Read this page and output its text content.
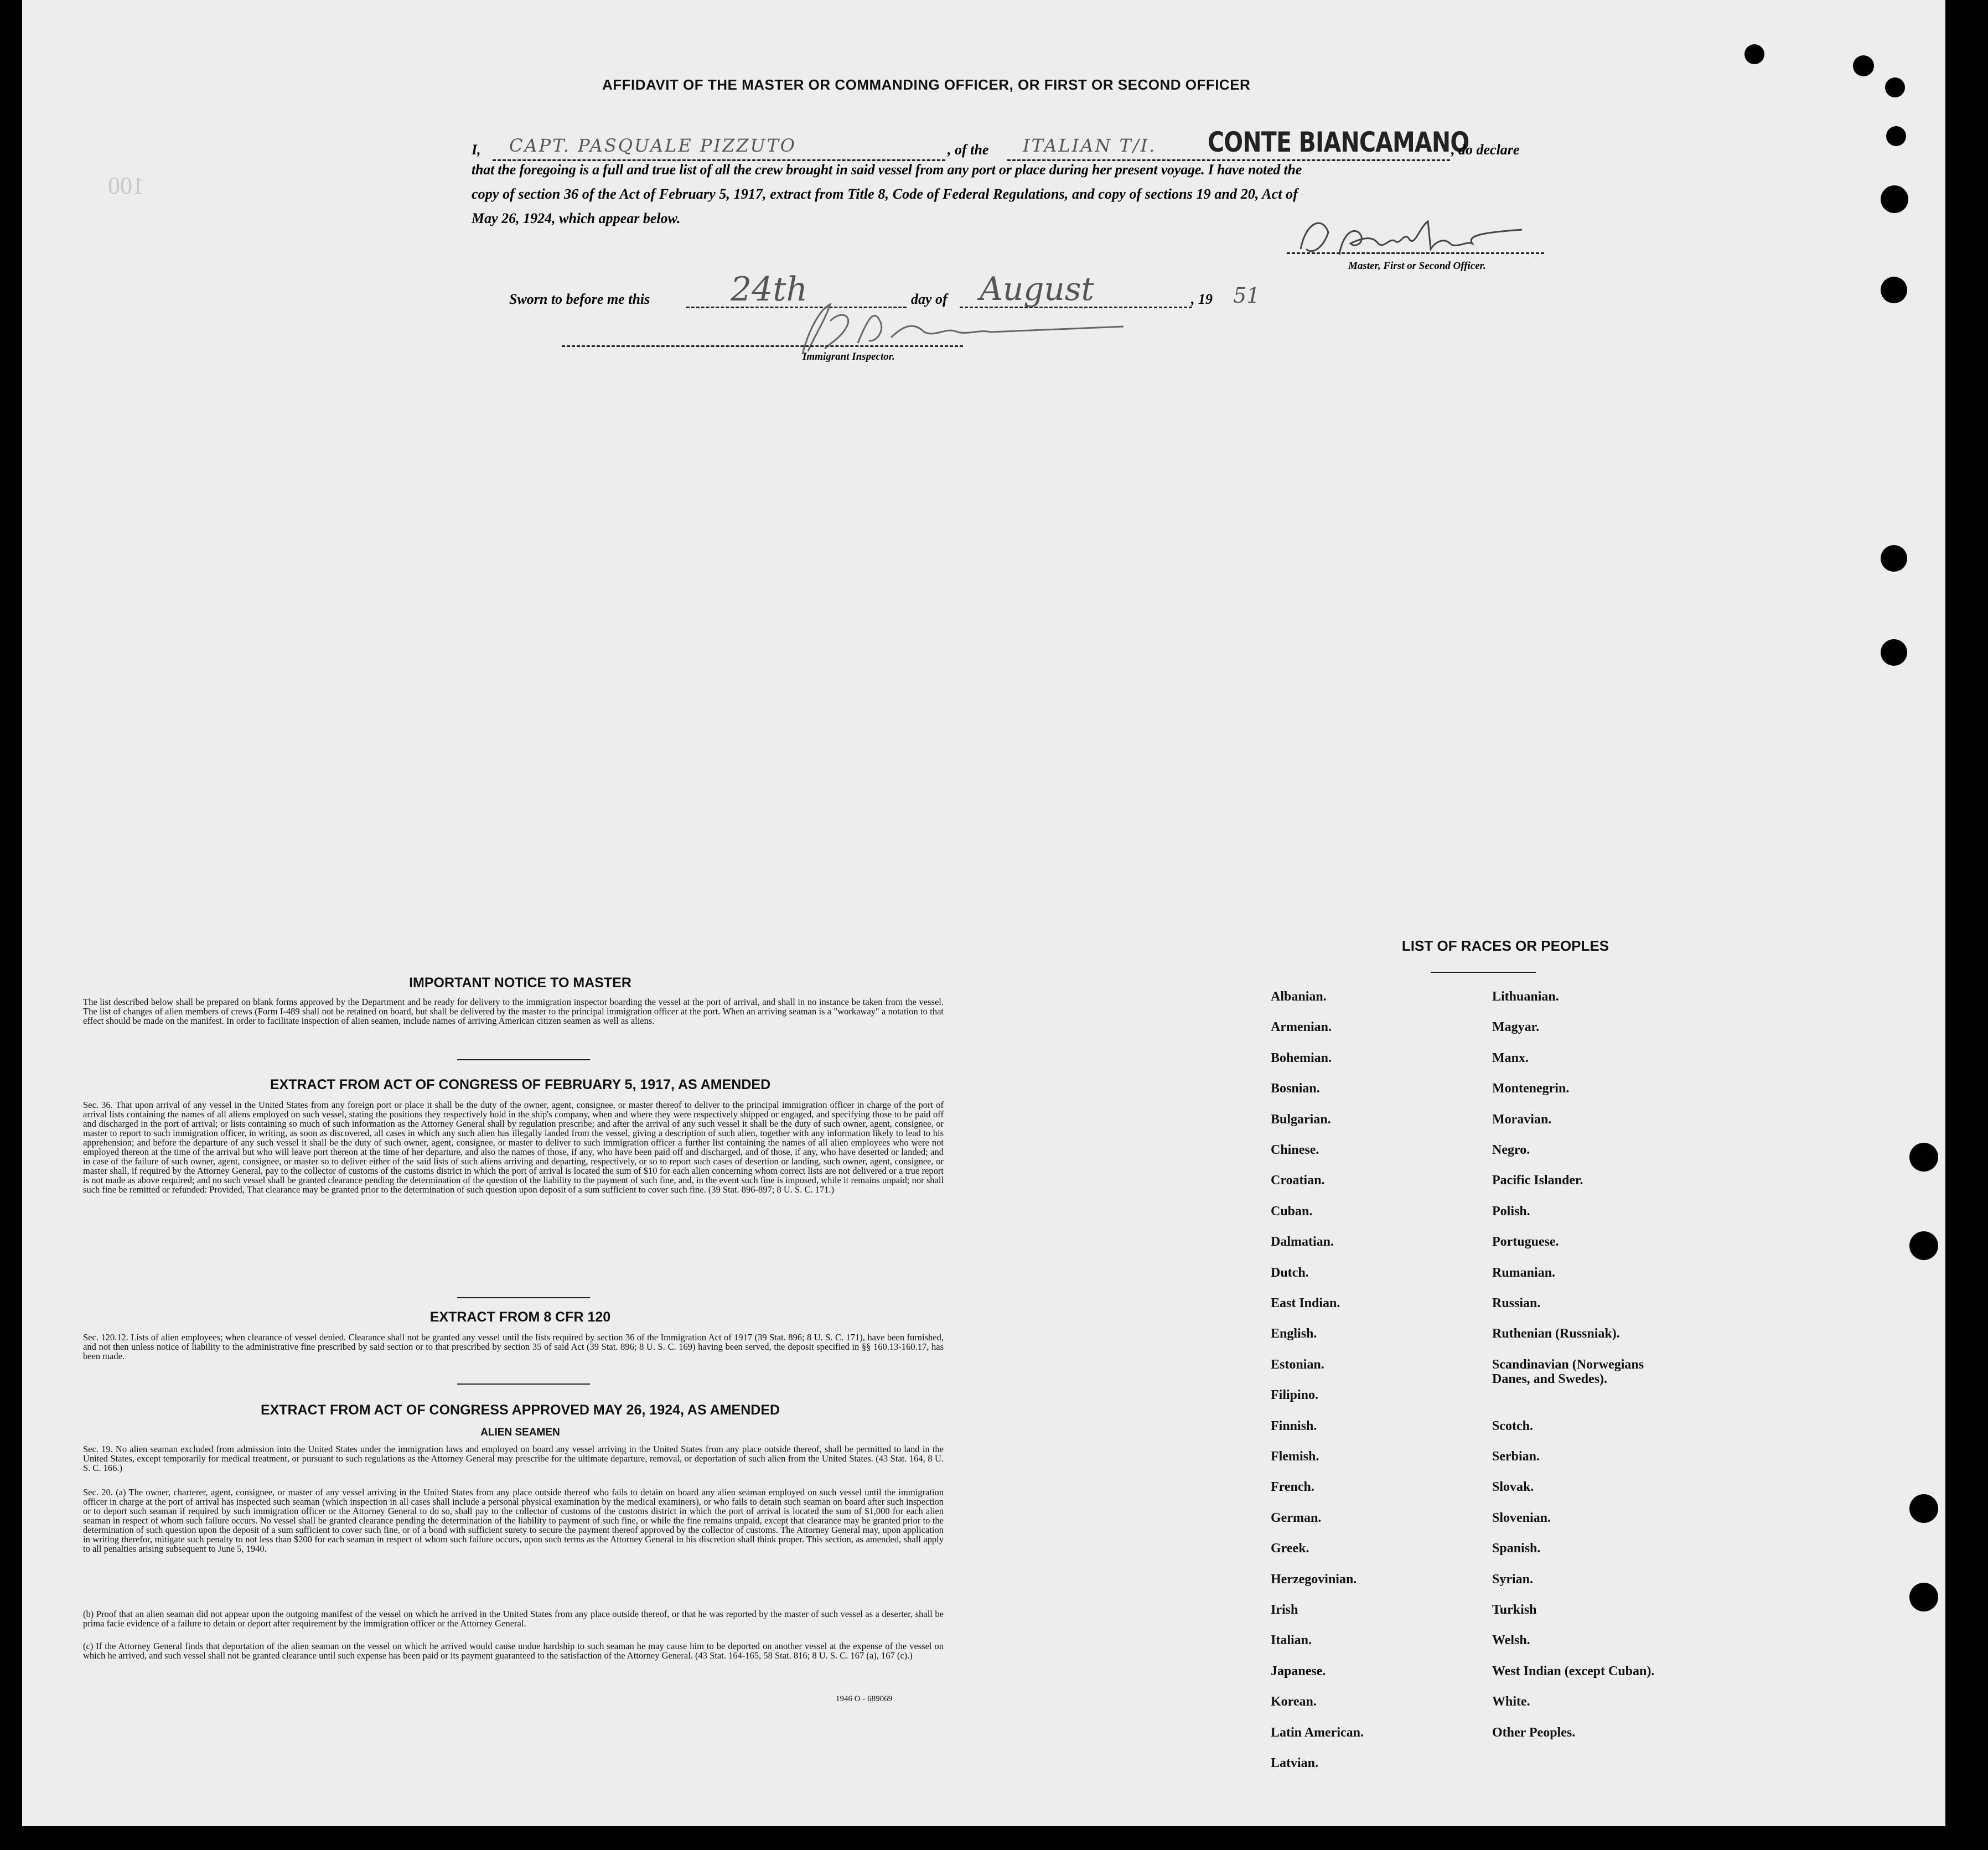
100
AFFIDAVIT OF THE MASTER OR COMMANDING OFFICER, OR FIRST OR SECOND OFFICER
I, CAPT. PASQUALE PIZZUTO	, of the ITALIAN T/I. CONTE BIANCAMANO
, do declare
that the foregoing is a full and true list of all the crew brought in said vessel from any port or place during her present voyage. I have noted the
copy of section 36 of the Act of February 5, 1917, extract from Title 8, Code of Federal Regulations, and copy of sections 19 and 20, Act of
May 26, 1924, which appear below.
Master, First or Second Officer.
Sworn to before me this 24th	day of August	, 19 51
Immigrant Inspector.
IMPORTANT NOTICE TO MASTER
The list described below shall be prepared on blank forms approved by the Department and be ready for delivery to the immigration inspector boarding the vessel at the port of arrival, and shall in no instance be taken from the vessel. The list of changes of alien members of crews (Form I-489 shall not be retained on board, but shall be delivered by the master to the principal immigration officer at the port. When an arriving seaman is a "workaway" a notation to that effect should be made on the manifest. In order to facilitate inspection of alien seamen, include names of arriving American citizen seamen as well as aliens.
EXTRACT FROM ACT OF CONGRESS OF FEBRUARY 5, 1917, AS AMENDED
Sec. 36. That upon arrival of any vessel in the United States from any foreign port or place it shall be the duty of the owner, agent, consignee, or master thereof to deliver to the principal immigration officer in charge of the port of arrival lists containing the names of all aliens employed on such vessel, stating the positions they respectively hold in the ship's company, when and where they were respectively shipped or engaged, and specifying those to be paid off and discharged in the port of arrival; or lists containing so much of such information as the Attorney General shall by regulation prescribe; and after the arrival of any such vessel it shall be the duty of such owner, agent, consignee, or master to report to such immigration officer, in writing, as soon as discovered, all cases in which any such alien has illegally landed from the vessel, giving a description of such alien, together with any information likely to lead to his apprehension; and before the departure of any such vessel it shall be the duty of such owner, agent, consignee, or master to deliver to such immigration officer a further list containing the names of all alien employees who were not employed thereon at the time of the arrival but who will leave port thereon at the time of her departure, and also the names of those, if any, who have been paid off and discharged, and of those, if any, who have deserted or landed; and in case of the failure of such owner, agent, consignee, or master so to deliver either of the said lists of such aliens arriving and departing, respectively, or so to report such cases of desertion or landing, such owner, agent, consignee, or master shall, if required by the Attorney General, pay to the collector of customs of the customs district in which the port of arrival is located the sum of $10 for each alien concerning whom correct lists are not delivered or a true report is not made as above required; and no such vessel shall be granted clearance pending the determination of the question of the liability to the payment of such fine, and, in the event such fine is imposed, while it remains unpaid; nor shall such fine be remitted or refunded: Provided, That clearance may be granted prior to the determination of such question upon deposit of a sum sufficient to cover such fine. (39 Stat. 896-897; 8 U. S. C. 171.)
EXTRACT FROM 8 CFR 120
Sec. 120.12. Lists of alien employees; when clearance of vessel denied. Clearance shall not be granted any vessel until the lists required by section 36 of the Immigration Act of 1917 (39 Stat. 896; 8 U. S. C. 171), have been furnished, and not then unless notice of liability to the administrative fine prescribed by said section or to that prescribed by section 35 of said Act (39 Stat. 896; 8 U. S. C. 169) having been served, the deposit specified in §§ 160.13-160.17, has been made.
EXTRACT FROM ACT OF CONGRESS APPROVED MAY 26, 1924, AS AMENDED
ALIEN SEAMEN
Sec. 19. No alien seaman excluded from admission into the United States under the immigration laws and employed on board any vessel arriving in the United States from any place outside thereof, shall be permitted to land in the United States, except temporarily for medical treatment, or pursuant to such regulations as the Attorney General may prescribe for the ultimate departure, removal, or deportation of such alien from the United States. (43 Stat. 164, 8 U. S. C. 166.)
Sec. 20. (a) The owner, charterer, agent, consignee, or master of any vessel arriving in the United States from any place outside thereof who fails to detain on board any alien seaman employed on such vessel until the immigration officer in charge at the port of arrival has inspected such seaman (which inspection in all cases shall include a personal physical examination by the medical examiners), or who fails to detain such seaman on board after such inspection or to deport such seaman if required by such immigration officer or the Attorney General to do so, shall pay to the collector of customs of the customs district in which the port of arrival is located the sum of $1,000 for each alien seaman in respect of whom such failure occurs. No vessel shall be granted clearance pending the determination of the liability to payment of such fine, or while the fine remains unpaid, except that clearance may be granted prior to the determination of such question upon the deposit of a sum sufficient to cover such fine, or of a bond with sufficient surety to secure the payment thereof approved by the collector of customs. The Attorney General may, upon application in writing therefor, mitigate such penalty to not less than $200 for each seaman in respect of whom such failure occurs, upon such terms as the Attorney General in his discretion shall think proper. This section, as amended, shall apply to all penalties arising subsequent to June 5, 1940.
(b) Proof that an alien seaman did not appear upon the outgoing manifest of the vessel on which he arrived in the United States from any place outside thereof, or that he was reported by the master of such vessel as a deserter, shall be prima facie evidence of a failure to detain or deport after requirement by the immigration officer or the Attorney General.
(c) If the Attorney General finds that deportation of the alien seaman on the vessel on which he arrived would cause undue hardship to such seaman he may cause him to be deported on another vessel at the expense of the vessel on which he arrived, and such vessel shall not be granted clearance until such expense has been paid or its payment guaranteed to the satisfaction of the Attorney General. (43 Stat. 164-165, 58 Stat. 816; 8 U. S. C. 167 (a), 167 (c).)
1946 O - 689069
LIST OF RACES OR PEOPLES
Albanian.
Armenian.
Bohemian.
Bosnian.
Bulgarian.
Chinese.
Croatian.
Cuban.
Dalmatian.
Dutch.
East Indian.
English.
Estonian.
Filipino.
Finnish.
Flemish.
French.
German.
Greek.
Herzegovinian.
Irish
Italian.
Japanese.
Korean.
Latin American.
Latvian.
Lithuanian.
Magyar.
Manx.
Montenegrin.
Moravian.
Negro.
Pacific Islander.
Polish.
Portuguese.
Rumanian.
Russian.
Ruthenian (Russniak).
Scandinavian (Norwegians
Danes, and Swedes).
Scotch.
Serbian.
Slovak.
Slovenian.
Spanish.
Syrian.
Turkish
Welsh.
West Indian (except Cuban).
White.
Other Peoples.
